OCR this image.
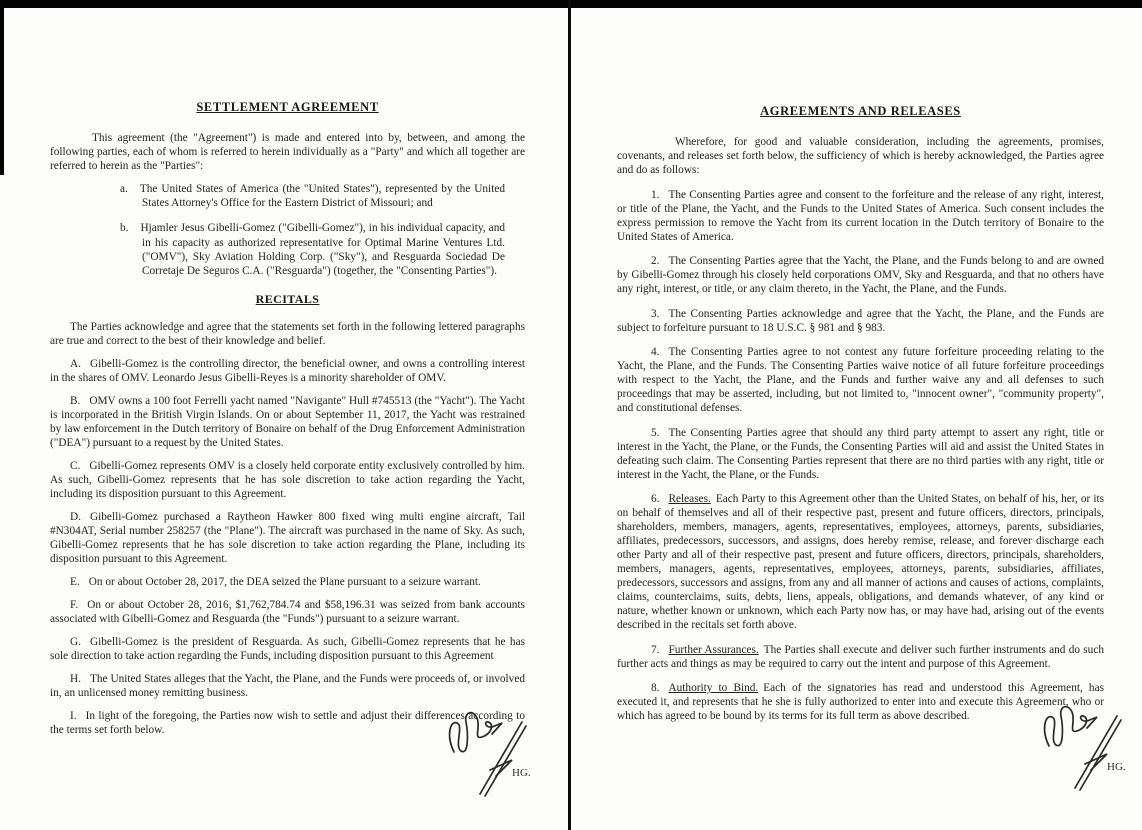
SETTLEMENT AGREEMENT

This agreement (the "Agreement") is made and entered into by, between, and among the following parties, each of whom is referred to herein individually as a "Party" and which all together are referred to herein as the "Parties":

a. The United States of America (the "United States"), represented by the United States Attorney's Office for the Eastern District of Missouri; and

b. Hjamler Jesus Gibelli-Gomez ("Gibelli-Gomez"), in his individual capacity, and in his capacity as authorized representative for Optimal Marine Ventures Ltd. ("OMV"), Sky Aviation Holding Corp. ("Sky"), and Resguarda Sociedad De Corretaje De Seguros C.A. ("Resguarda") (together, the "Consenting Parties").

RECITALS

The Parties acknowledge and agree that the statements set forth in the following lettered paragraphs are true and correct to the best of their knowledge and belief.

A. Gibelli-Gomez is the controlling director, the beneficial owner, and owns a controlling interest in the shares of OMV. Leonardo Jesus Gibelli-Reyes is a minority shareholder of OMV.

B. OMV owns a 100 foot Ferrelli yacht named "Navigante" Hull #745513 (the "Yacht"). The Yacht is incorporated in the British Virgin Islands. On or about September 11, 2017, the Yacht was restrained by law enforcement in the Dutch territory of Bonaire on behalf of the Drug Enforcement Administration ("DEA") pursuant to a request by the United States.

C. Gibelli-Gomez represents OMV is a closely held corporate entity exclusively controlled by him. As such, Gibelli-Gomez represents that he has sole discretion to take action regarding the Yacht, including its disposition pursuant to this Agreement.

D. Gibelli-Gomez purchased a Raytheon Hawker 800 fixed wing multi engine aircraft, Tail #N304AT, Serial number 258257 (the "Plane"). The aircraft was purchased in the name of Sky. As such, Gibelli-Gomez represents that he has sole discretion to take action regarding the Plane, including its disposition pursuant to this Agreement.

E. On or about October 28, 2017, the DEA seized the Plane pursuant to a seizure warrant.

F. On or about October 28, 2016, $1,762,784.74 and $58,196.31 was seized from bank accounts associated with Gibelli-Gomez and Resguarda (the "Funds") pursuant to a seizure warrant.

G. Gibelli-Gomez is the president of Resguarda. As such, Gibelli-Gomez represents that he has sole direction to take action regarding the Funds, including disposition pursuant to this Agreement

H. The United States alleges that the Yacht, the Plane, and the Funds were proceeds of, or involved in, an unlicensed money remitting business.

I. In light of the foregoing, the Parties now wish to settle and adjust their differences according to the terms set forth below.

HG.
AGREEMENTS AND RELEASES

Wherefore, for good and valuable consideration, including the agreements, promises, covenants, and releases set forth below, the sufficiency of which is hereby acknowledged, the Parties agree and do as follows:

1. The Consenting Parties agree and consent to the forfeiture and the release of any right, interest, or title of the Plane, the Yacht, and the Funds to the United States of America. Such consent includes the express permission to remove the Yacht from its current location in the Dutch territory of Bonaire to the United States of America.

2. The Consenting Parties agree that the Yacht, the Plane, and the Funds belong to and are owned by Gibelli-Gomez through his closely held corporations OMV, Sky and Resguarda, and that no others have any right, interest, or title, or any claim thereto, in the Yacht, the Plane, and the Funds.

3. The Consenting Parties acknowledge and agree that the Yacht, the Plane, and the Funds are subject to forfeiture pursuant to 18 U.S.C. § 981 and § 983.

4. The Consenting Parties agree to not contest any future forfeiture proceeding relating to the Yacht, the Plane, and the Funds. The Consenting Parties waive notice of all future forfeiture proceedings with respect to the Yacht, the Plane, and the Funds and further waive any and all defenses to such proceedings that may be asserted, including, but not limited to, "innocent owner", "community property", and constitutional defenses.

5. The Consenting Parties agree that should any third party attempt to assert any right, title or interest in the Yacht, the Plane, or the Funds, the Consenting Parties will aid and assist the United States in defeating such claim. The Consenting Parties represent that there are no third parties with any right, title or interest in the Yacht, the Plane, or the Funds.

6. Releases. Each Party to this Agreement other than the United States, on behalf of his, her, or its on behalf of themselves and all of their respective past, present and future officers, directors, principals, shareholders, members, managers, agents, representatives, employees, attorneys, parents, subsidiaries, affiliates, predecessors, successors, and assigns, does hereby remise, release, and forever discharge each other Party and all of their respective past, present and future officers, directors, principals, shareholders, members, managers, agents, representatives, employees, attorneys, parents, subsidiaries, affiliates, predecessors, successors and assigns, from any and all manner of actions and causes of actions, complaints, claims, counterclaims, suits, debts, liens, appeals, obligations, and demands whatever, of any kind or nature, whether known or unknown, which each Party now has, or may have had, arising out of the events described in the recitals set forth above.

7. Further Assurances. The Parties shall execute and deliver such further instruments and do such further acts and things as may be required to carry out the intent and purpose of this Agreement.

8. Authority to Bind. Each of the signatories has read and understood this Agreement, has executed it, and represents that he she is fully authorized to enter into and execute this Agreement, who or which has agreed to be bound by its terms for its full term as above described.

HG.
